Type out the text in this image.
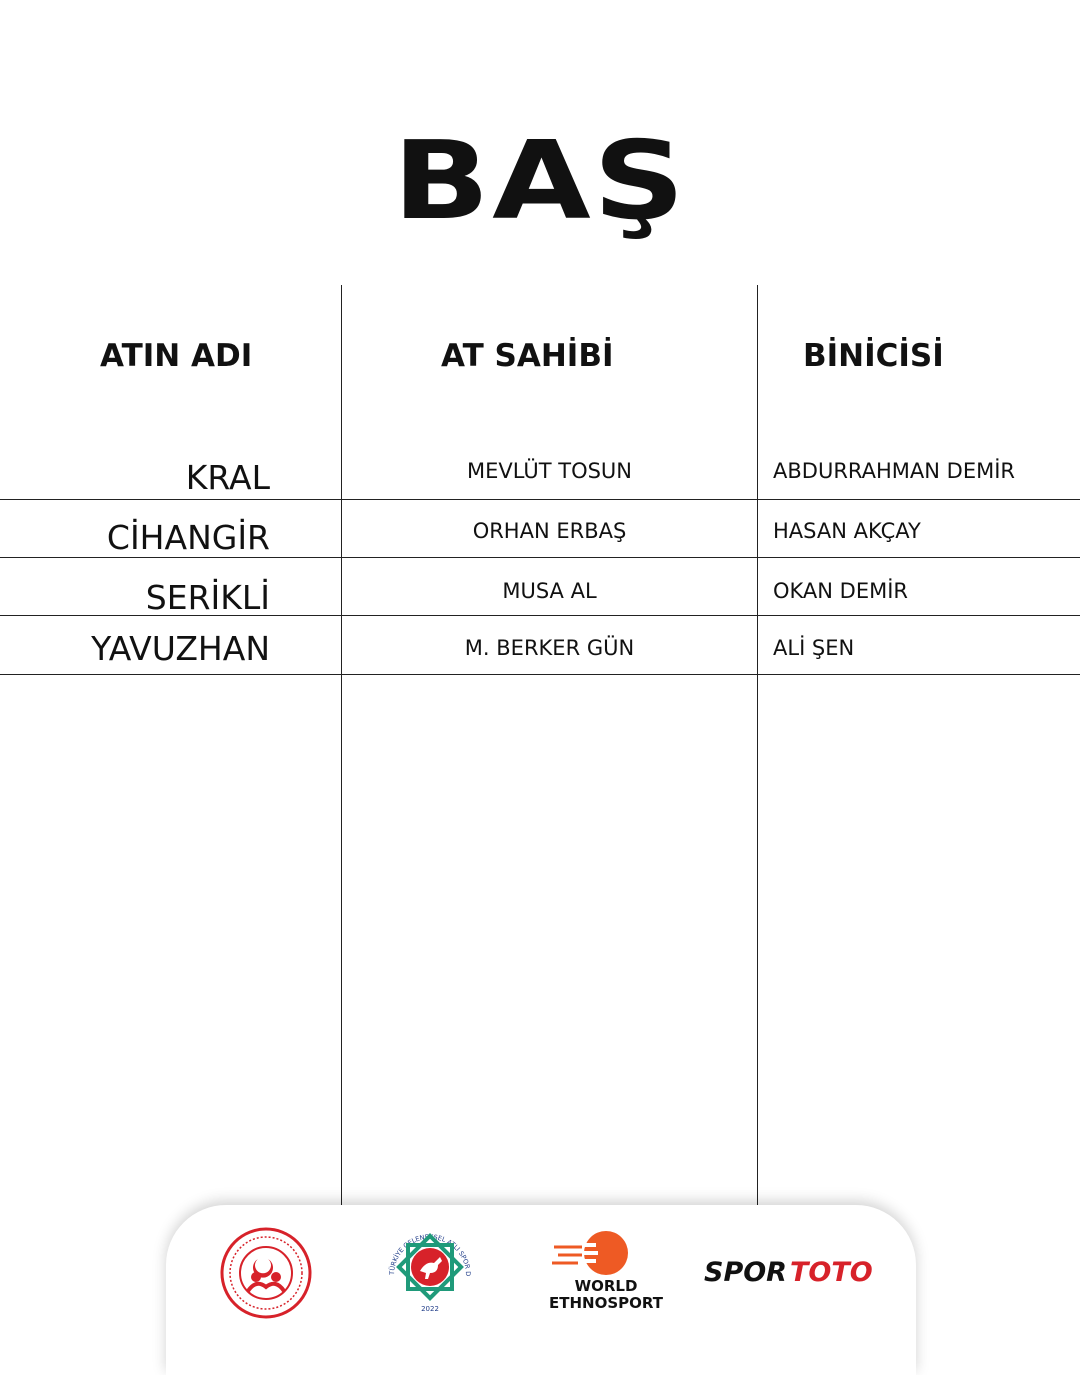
BAŞ
ATIN ADI	AT SAHİBİ	BİNİCİSİ
KRAL	MEVLÜT TOSUN	ABDURRAHMAN DEMİR
CİHANGİR	ORHAN ERBAŞ	HASAN AKÇAY
SERİKLİ	MUSA AL	OKAN DEMİR
YAVUZHAN	M. BERKER GÜN	ALİ ŞEN
TÜRKİYE GELENEKSEL ATLI SPOR D
2022
WORLD
ETHNOSPORT
SPOR TOTO
